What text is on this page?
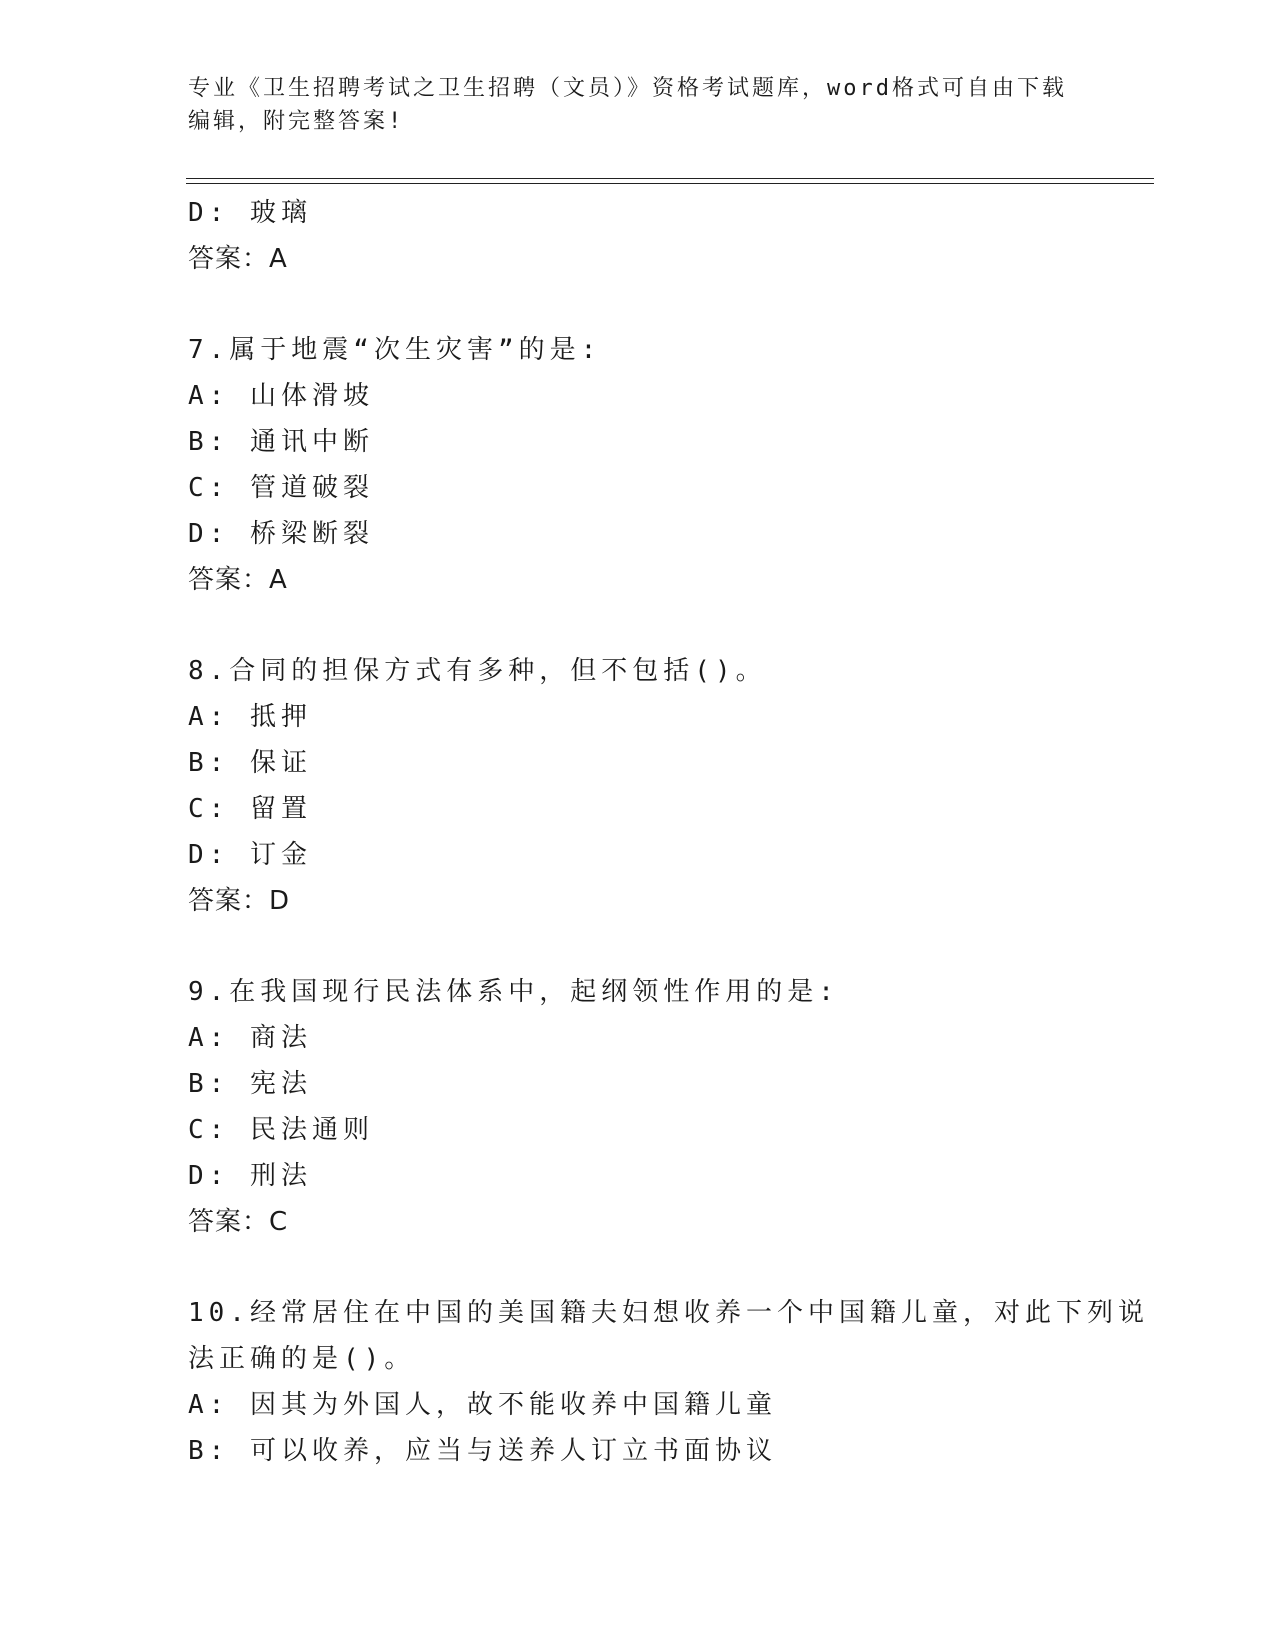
专业《卫生招聘考试之卫生招聘（文员）》资格考试题库，word格式可自由下载
编辑，附完整答案!
D: 玻璃
答案：A
7.属于地震“次生灾害”的是:
A: 山体滑坡
B: 通讯中断
C: 管道破裂
D: 桥梁断裂
答案：A
8.合同的担保方式有多种，但不包括()。
A: 抵押
B: 保证
C: 留置
D: 订金
答案：D
9.在我国现行民法体系中，起纲领性作用的是:
A: 商法
B: 宪法
C: 民法通则
D: 刑法
答案：C
10.经常居住在中国的美国籍夫妇想收养一个中国籍儿童，对此下列说
法正确的是()。
A: 因其为外国人，故不能收养中国籍儿童
B: 可以收养，应当与送养人订立书面协议
